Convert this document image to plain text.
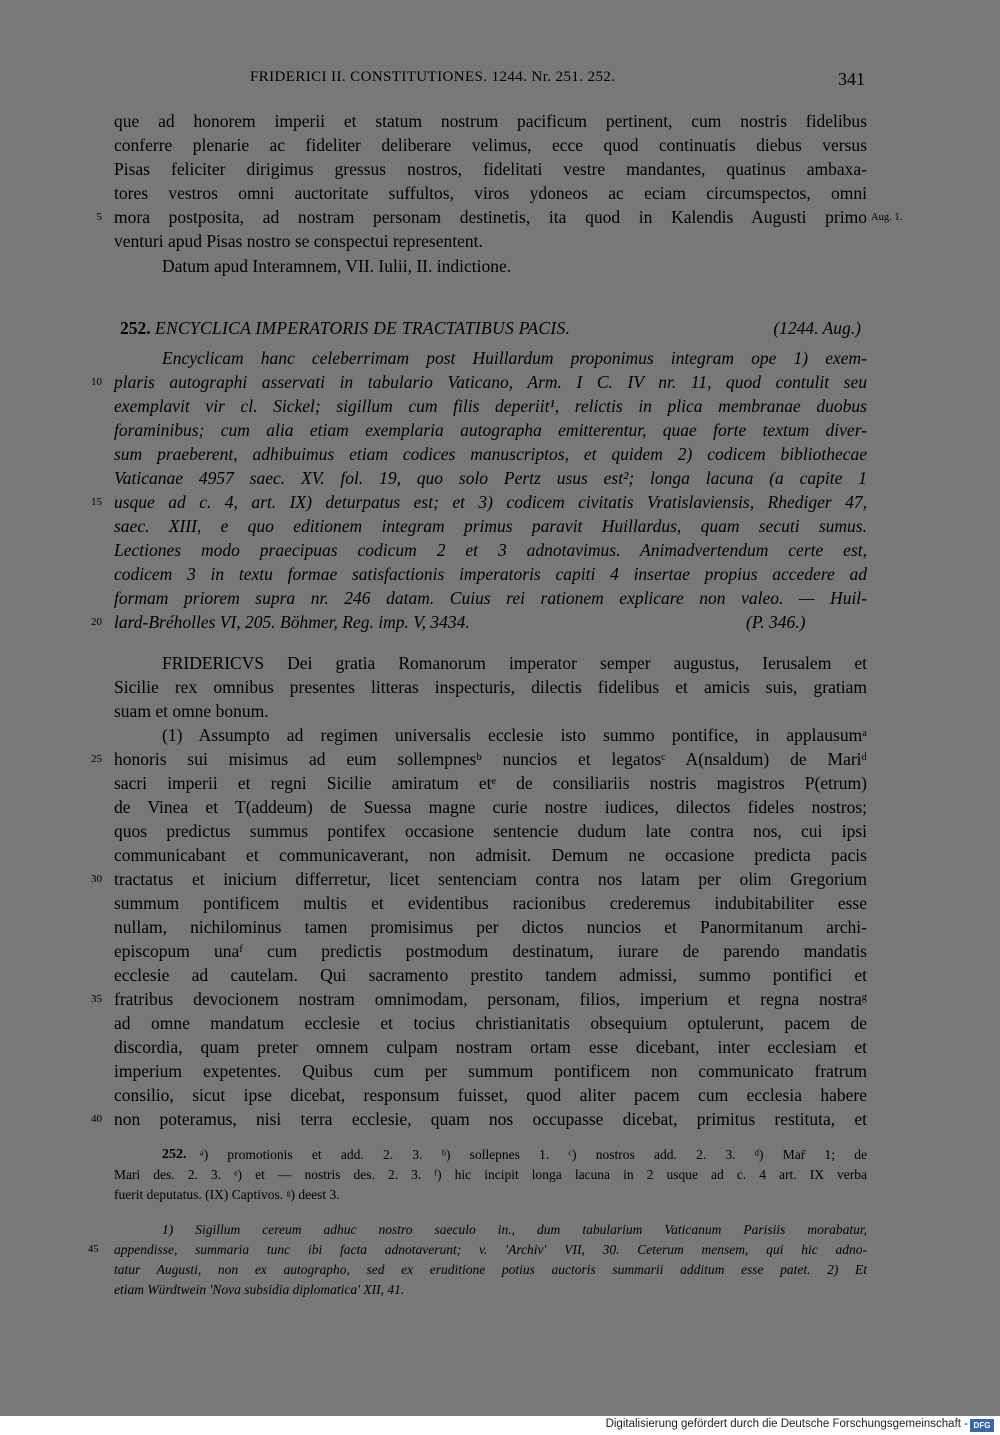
FRIDERICI II. CONSTITUTIONES. 1244. Nr. 251. 252.	341
que ad honorem imperii et statum nostrum pacificum pertinent, cum nostris fidelibus
conferre plenarie ac fideliter deliberare velimus, ecce quod continuatis diebus versus
Pisas feliciter dirigimus gressus nostros, fidelitati vestre mandantes, quatinus ambaxa-
tores vestros omni auctoritate suffultos, viros ydoneos ac eciam circumspectos, omni
5 mora postposita, ad nostram personam destinetis, ita quod in Kalendis Augusti primo Aug. 1.
venturi apud Pisas nostro se conspectui representent.
Datum apud Interamnem, VII. Iulii, II. indictione.
252. ENCYCLICA IMPERATORIS DE TRACTATIBUS PACIS.	(1244. Aug.)
Encyclicam hanc celeberrimam post Huillardum proponimus integram ope 1) exem-
10 plaris autographi asservati in tabulario Vaticano, Arm. I C. IV nr. 11, quod contulit seu
exemplavit vir cl. Sickel; sigillum cum filis deperiit¹, relictis in plica membranae duobus
foraminibus; cum alia etiam exemplaria autographa emitterentur, quae forte textum diver-
sum praeberent, adhibuimus etiam codices manuscriptos, et quidem 2) codicem bibliothecae
Vaticanae 4957 saec. XV. fol. 19, quo solo Pertz usus est²; longa lacuna (a capite 1
15 usque ad c. 4, art. IX) deturpatus est; et 3) codicem civitatis Vratislaviensis, Rhediger 47,
saec. XIII, e quo editionem integram primus paravit Huillardus, quam secuti sumus.
Lectiones modo praecipuas codicum 2 et 3 adnotavimus. Animadvertendum certe est,
codicem 3 in textu formae satisfactionis imperatoris capiti 4 insertae propius accedere ad
formam priorem supra nr. 246 datam. Cuius rei rationem explicare non valeo. — Huil-
20 lard-Bréholles VI, 205. Böhmer, Reg. imp. V, 3434.	(P. 346.)
FRIDERICVS Dei gratia Romanorum imperator semper augustus, Ierusalem et
Sicilie rex omnibus presentes litteras inspecturis, dilectis fidelibus et amicis suis, gratiam
suam et omne bonum.
(1) Assumpto ad regimen universalis ecclesie isto summo pontifice, in applausumᵃ
25 honoris sui misimus ad eum sollempnesᵇ nuncios et legatosᶜ A(nsaldum) de Mariᵈ
sacri imperii et regni Sicilie amiratum etᵉ de consiliariis nostris magistros P(etrum)
de Vinea et T(addeum) de Suessa magne curie nostre iudices, dilectos fideles nostros;
quos predictus summus pontifex occasione sentencie dudum late contra nos, cui ipsi
communicabant et communicaverant, non admisit. Demum ne occasione predicta pacis
30 tractatus et inicium differretur, licet sentenciam contra nos latam per olim Gregorium
summum pontificem multis et evidentibus racionibus crederemus indubitabiliter esse
nullam, nichilominus tamen promisimus per dictos nuncios et Panormitanum archi-
episcopum unaᶠ cum predictis postmodum destinatum, iurare de parendo mandatis
ecclesie ad cautelam. Qui sacramento prestito tandem admissi, summo pontifici et
35 fratribus devocionem nostram omnimodam, personam, filios, imperium et regna nostraᵍ
ad omne mandatum ecclesie et tocius christianitatis obsequium optulerunt, pacem de
discordia, quam preter omnem culpam nostram ortam esse dicebant, inter ecclesiam et
imperium expetentes. Quibus cum per summum pontificem non communicato fratrum
consilio, sicut ipse dicebat, responsum fuisset, quod aliter pacem cum ecclesia habere
40 non poteramus, nisi terra ecclesie, quam nos occupasse dicebat, primitus restituta, et
252.	ᵃ) promotionis et add. 2. 3. ᵇ) sollepnes 1. ᶜ) nostros add. 2. 3. ᵈ) Mar̄ 1; de
Mari des. 2. 3. ᵉ) et — nostris des. 2. 3. ᶠ) hic incipit longa lacuna in 2 usque ad c. 4 art. IX verba
fuerit deputatus. (IX) Captivos. ᵍ) deest 3.
1) Sigillum cereum adhuc nostro saeculo in., dum tabularium Vaticanum Parisiis morabatur,
45 appendisse, summaria tunc ibi facta adnotaverunt; v. 'Archiv' VII, 30. Ceterum mensem, qui hic adno-
tatur Augusti, non ex autographo, sed ex eruditione potius auctoris summarii additum esse patet. 2) Et
etiam Würdtwein 'Nova subsidia diplomatica' XII, 41.
Digitalisierung gefördert durch die Deutsche Forschungsgemeinschaft - DFG
